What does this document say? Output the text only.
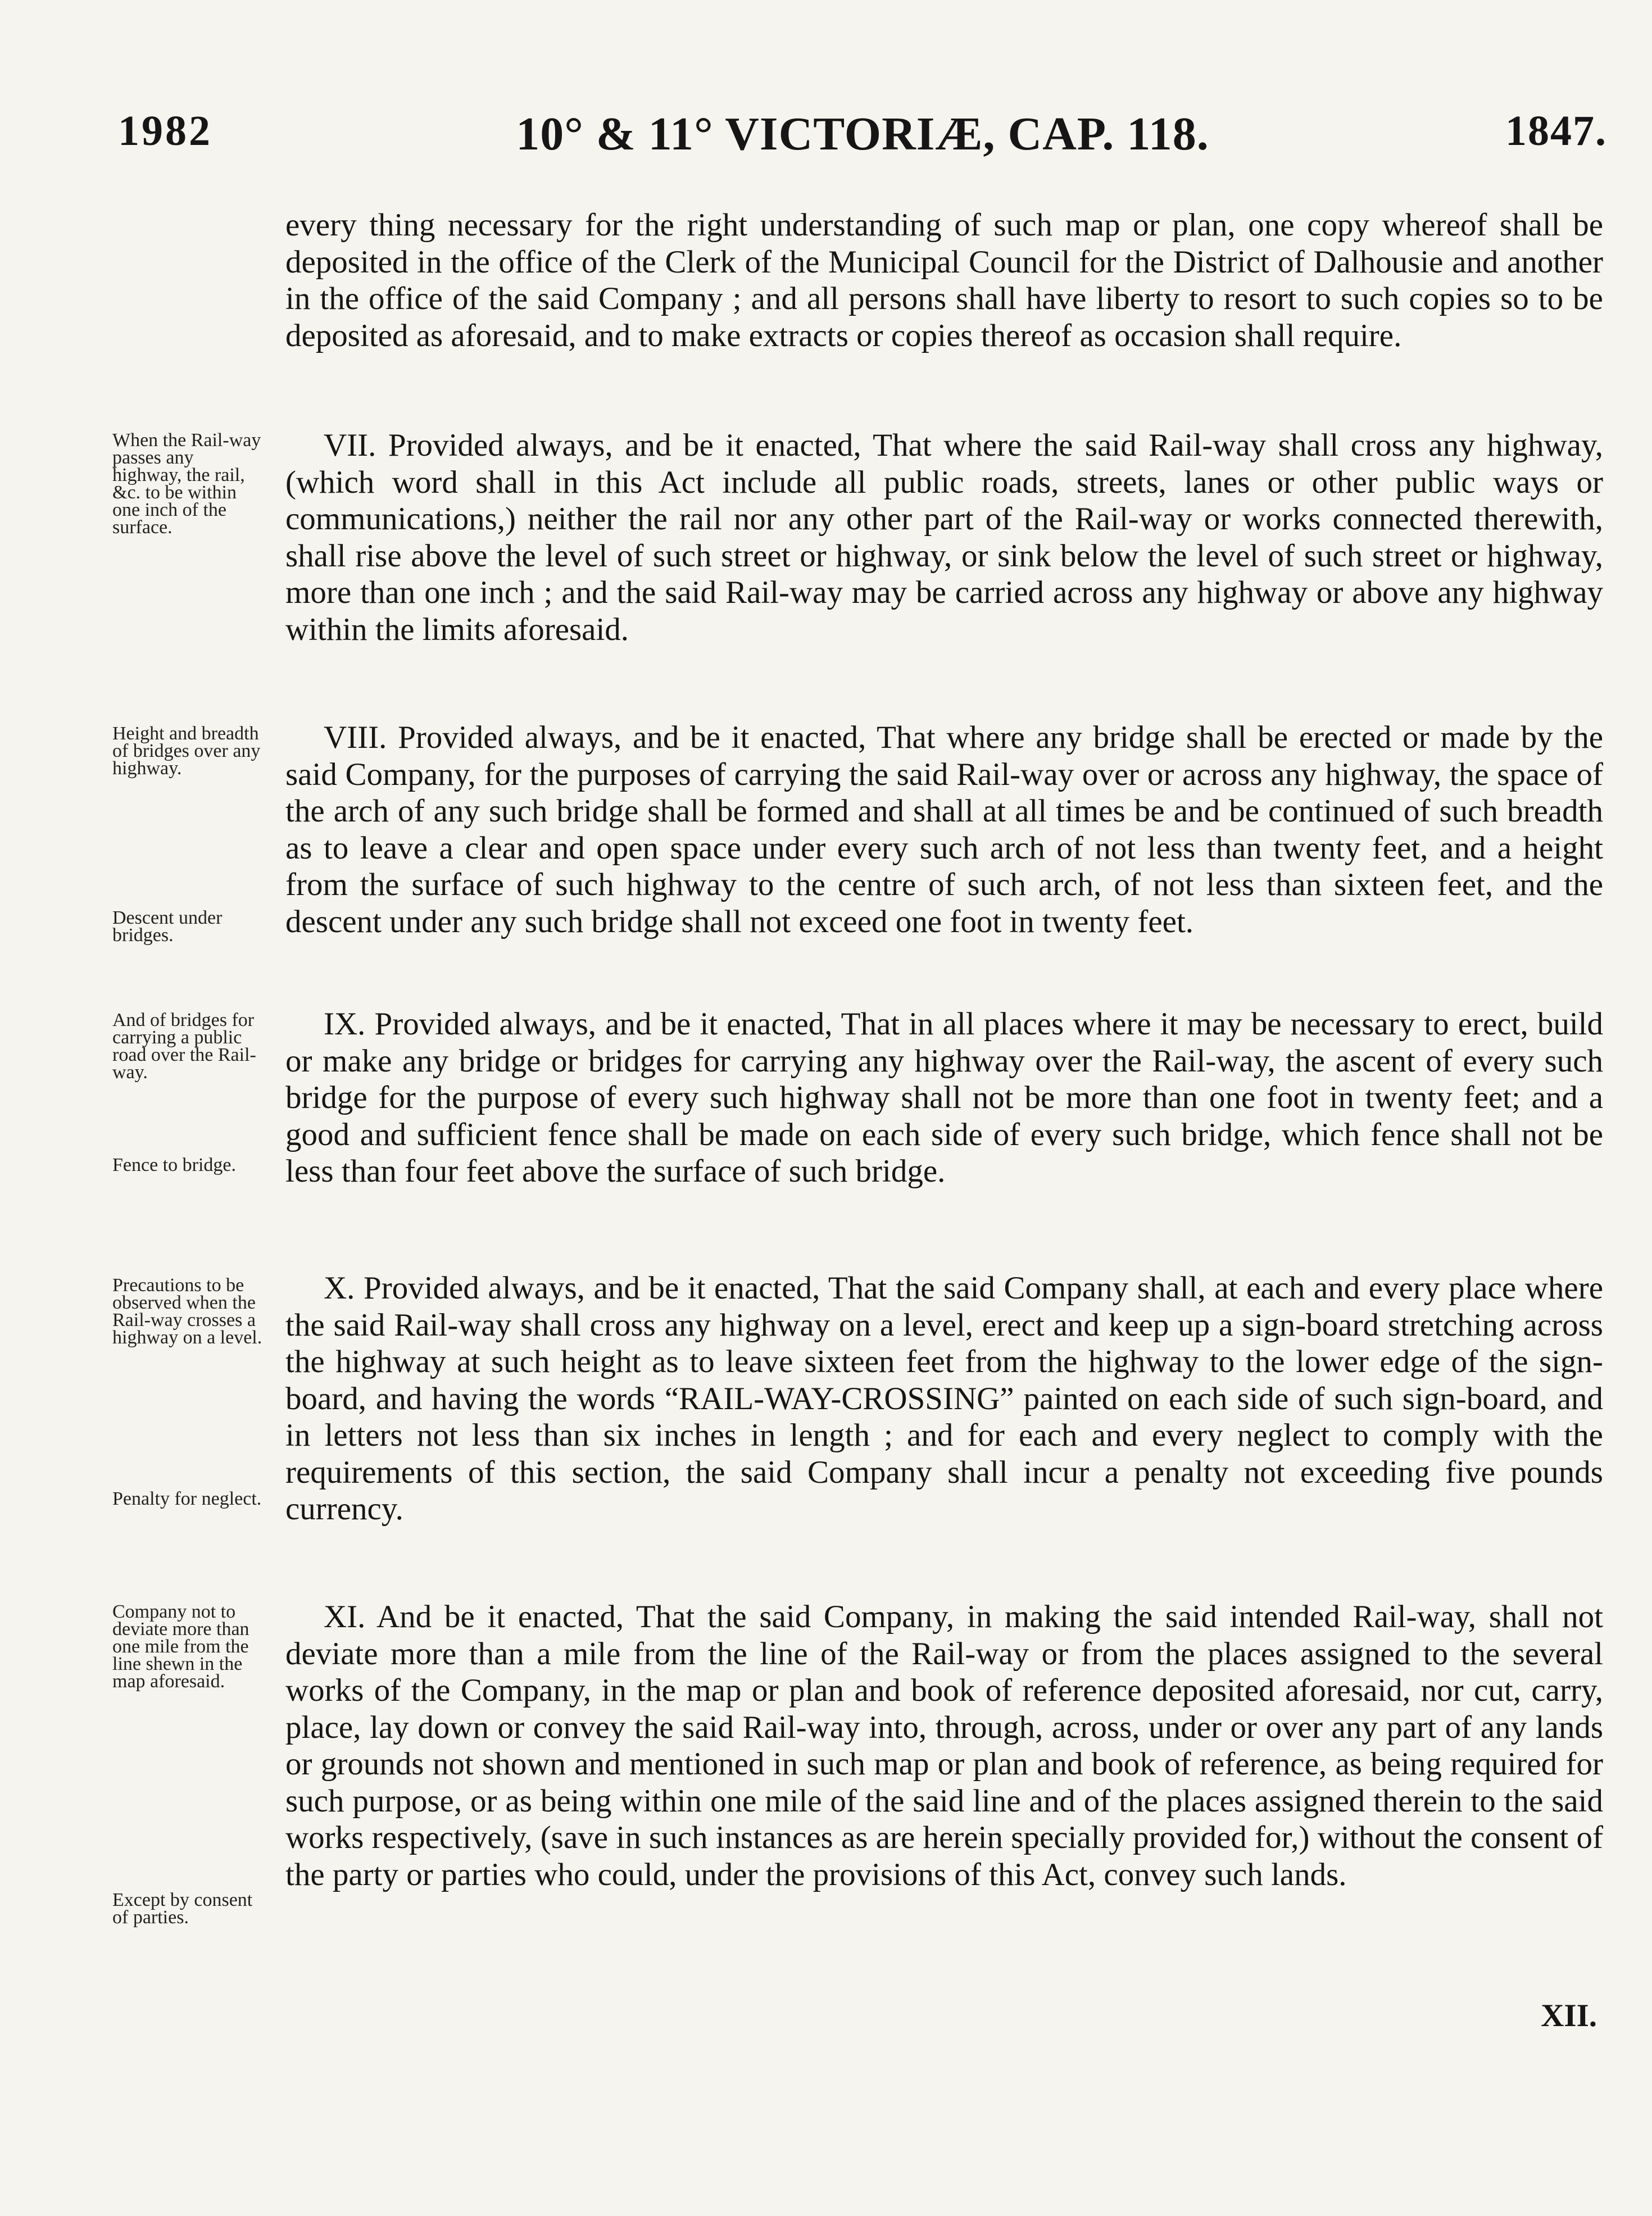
1982	10° & 11° VICTORIÆ, CAP. 118.	1847.
every thing necessary for the right understanding of such map or plan, one copy whereof shall be deposited in the office of the Clerk of the Municipal Council for the District of Dalhousie and another in the office of the said Company ; and all persons shall have liberty to resort to such copies so to be deposited as aforesaid, and to make extracts or copies thereof as occasion shall require.
VII. Provided always, and be it enacted, That where the said Rail-way shall cross any highway, (which word shall in this Act include all public roads, streets, lanes or other public ways or communications,) neither the rail nor any other part of the Rail-way or works connected therewith, shall rise above the level of such street or highway, or sink below the level of such street or highway, more than one inch ; and the said Rail-way may be carried across any highway or above any highway within the limits aforesaid.
VIII. Provided always, and be it enacted, That where any bridge shall be erected or made by the said Company, for the purposes of carrying the said Rail-way over or across any highway, the space of the arch of any such bridge shall be formed and shall at all times be and be continued of such breadth as to leave a clear and open space under every such arch of not less than twenty feet, and a height from the surface of such highway to the centre of such arch, of not less than sixteen feet, and the descent under any such bridge shall not exceed one foot in twenty feet.
IX. Provided always, and be it enacted, That in all places where it may be necessary to erect, build or make any bridge or bridges for carrying any highway over the Rail-way, the ascent of every such bridge for the purpose of every such highway shall not be more than one foot in twenty feet; and a good and sufficient fence shall be made on each side of every such bridge, which fence shall not be less than four feet above the surface of such bridge.
X. Provided always, and be it enacted, That the said Company shall, at each and every place where the said Rail-way shall cross any highway on a level, erect and keep up a sign-board stretching across the highway at such height as to leave sixteen feet from the highway to the lower edge of the sign-board, and having the words “RAIL-WAY-CROSSING” painted on each side of such sign-board, and in letters not less than six inches in length ; and for each and every neglect to comply with the requirements of this section, the said Company shall incur a penalty not exceeding five pounds currency.
XI. And be it enacted, That the said Company, in making the said intended Rail-way, shall not deviate more than a mile from the line of the Rail-way or from the places assigned to the several works of the Company, in the map or plan and book of reference deposited aforesaid, nor cut, carry, place, lay down or convey the said Rail-way into, through, across, under or over any part of any lands or grounds not shown and mentioned in such map or plan and book of reference, as being required for such purpose, or as being within one mile of the said line and of the places assigned therein to the said works respectively, (save in such instances as are herein specially provided for,) without the consent of the party or parties who could, under the provisions of this Act, convey such lands.
When the Rail-way passes any highway, the rail, &c. to be within one inch of the surface.
Height and breadth of bridges over any highway.
Descent under bridges.
And of bridges for carrying a public road over the Rail-way.
Fence to bridge.
Precautions to be observed when the Rail-way crosses a highway on a level.
Penalty for neglect.
Company not to deviate more than one mile from the line shewn in the map aforesaid.
Except by consent of parties.
XII.
